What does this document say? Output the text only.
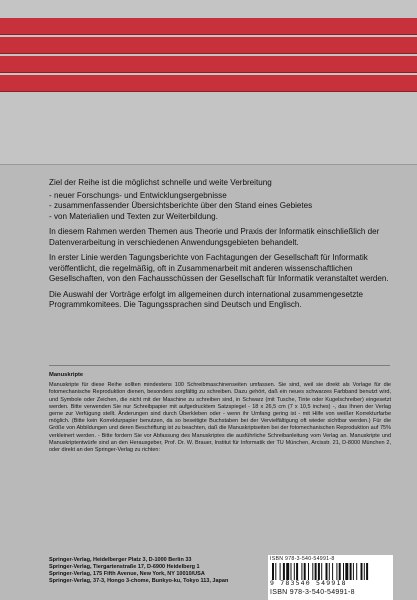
Ziel der Reihe ist die möglichst schnelle und weite Verbreitung

- neuer Forschungs- und Entwicklungsergebnisse
- zusammenfassender Übersichtsberichte über den Stand eines Gebietes
- von Materialien und Texten zur Weiterbildung.

In diesem Rahmen werden Themen aus Theorie und Praxis der Informatik einschließlich der Datenverarbeitung in verschiedenen Anwendungsgebieten behandelt.

In erster Linie werden Tagungsberichte von Fachtagungen der Gesellschaft für Informatik veröffentlicht, die regelmäßig, oft in Zusammenarbeit mit anderen wissenschaftlichen Gesellschaften, von den Fachausschüssen der Gesellschaft für Informatik veranstaltet werden.

Die Auswahl der Vorträge erfolgt im allgemeinen durch international zusammengesetzte Programmkomitees. Die Tagungssprachen sind Deutsch und Englisch.

Manuskripte

Manuskripte für diese Reihe sollten mindestens 100 Schreibmaschinenseiten umfassen. Sie sind, weil sie direkt als Vorlage für die fotomechanische Reproduktion dienen, besonders sorgfältig zu schreiben. Dazu gehört, daß ein neues schwarzes Farbband benutzt wird, und Symbole oder Zeichen, die nicht mit der Maschine zu schreiben sind, in Schwarz (mit Tusche, Tinte oder Kugelschreiber) eingesetzt werden. Bitte verwenden Sie nur Schreibpapier mit aufgedrucktem Satzspiegel - 18 x 26,5 cm (7 x 10,5 inches) -, das Ihnen der Verlag gerne zur Verfügung stellt. Änderungen sind durch Überkleben oder - wenn ihr Umfang gering ist - mit Hilfe von weißer Korrekturfarbe möglich. (Bitte kein Korrekturpapier benutzen, da so beseitigte Buchstaben bei der Vervielfältigung oft wieder sichtbar werden.) Für die Größe von Abbildungen und deren Beschriftung ist zu beachten, daß die Manuskriptseiten bei der fotomechanischen Reproduktion auf 75% verkleinert werden. - Bitte fordern Sie vor Abfassung des Manuskriptes die ausführliche Schreibanleitung vom Verlag an. Manuskripte und Manuskriptentwürfe sind an den Herausgeber, Prof. Dr. W. Brauer, Institut für Informatik der TU München, Arcisstr. 21, D-8000 München 2, oder direkt an den Springer-Verlag zu richten:

Springer-Verlag, Heidelberger Platz 3, D-1000 Berlin 33
Springer-Verlag, Tiergartenstraße 17, D-6900 Heidelberg 1
Springer-Verlag, 175 Fifth Avenue, New York, NY 10010/USA
Springer-Verlag, 37-3, Hongo 3-chome, Bunkyo-ku, Tokyo 113, Japan
ISBN 978-3-540-54991-8
9 783540 549918
ISBN 978-3-540-54991-8
